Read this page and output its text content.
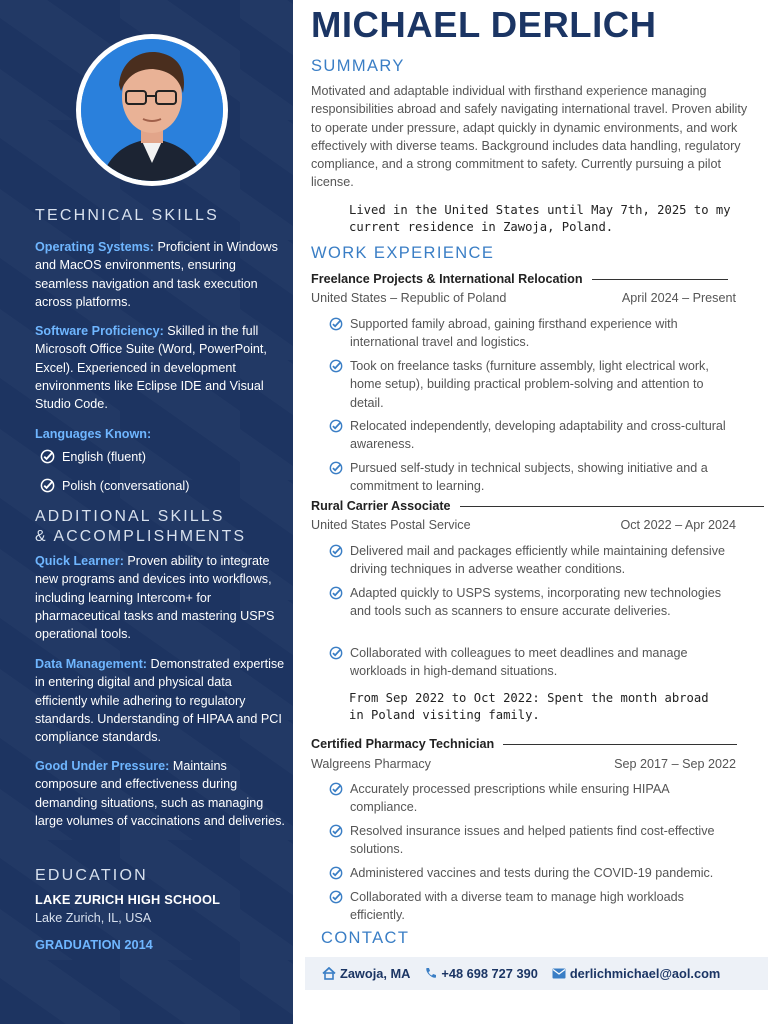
TECHNICAL SKILLS
Operating Systems: Proficient in Windows and MacOS environments, ensuring seamless navigation and task execution across platforms.
Software Proficiency: Skilled in the full Microsoft Office Suite (Word, PowerPoint, Excel). Experienced in development environments like Eclipse IDE and Visual Studio Code.
Languages Known:
English (fluent)
Polish (conversational)
ADDITIONAL SKILLS
& ACCOMPLISHMENTS
Quick Learner: Proven ability to integrate new programs and devices into workflows, including learning Intercom+ for pharmaceutical tasks and mastering USPS operational tools.
Data Management: Demonstrated expertise in entering digital and physical data efficiently while adhering to regulatory standards. Understanding of HIPAA and PCI compliance standards.
Good Under Pressure: Maintains composure and effectiveness during demanding situations, such as managing large volumes of vaccinations and deliveries.
EDUCATION
LAKE ZURICH HIGH SCHOOL
Lake Zurich, IL, USA
GRADUATION 2014
MICHAEL DERLICH
SUMMARY
Motivated and adaptable individual with firsthand experience managing responsibilities abroad and safely navigating international travel. Proven ability to operate under pressure, adapt quickly in dynamic environments, and work effectively with diverse teams. Background includes data handling, regulatory compliance, and a strong commitment to safety. Currently pursuing a pilot license.
Lived in the United States until May 7th, 2025 to my
current residence in Zawoja, Poland.
WORK EXPERIENCE
Freelance Projects & International Relocation
United States – Republic of Poland	April 2024 – Present
Supported family abroad, gaining firsthand experience with international travel and logistics.
Took on freelance tasks (furniture assembly, light electrical work, home setup), building practical problem-solving and attention to detail.
Relocated independently, developing adaptability and cross-cultural awareness.
Pursued self-study in technical subjects, showing initiative and a commitment to learning.
Rural Carrier Associate
United States Postal Service	Oct 2022 – Apr 2024
Delivered mail and packages efficiently while maintaining defensive driving techniques in adverse weather conditions.
Adapted quickly to USPS systems, incorporating new technologies and tools such as scanners to ensure accurate deliveries.
Collaborated with colleagues to meet deadlines and manage workloads in high-demand situations.
From Sep 2022 to Oct 2022: Spent the month abroad
in Poland visiting family.
Certified Pharmacy Technician
Walgreens Pharmacy	Sep 2017 – Sep 2022
Accurately processed prescriptions while ensuring HIPAA compliance.
Resolved insurance issues and helped patients find cost-effective solutions.
Administered vaccines and tests during the COVID-19 pandemic.
Collaborated with a diverse team to manage high workloads efficiently.
CONTACT
Zawoja, MA +48 698 727 390	derlichmichael@aol.com
